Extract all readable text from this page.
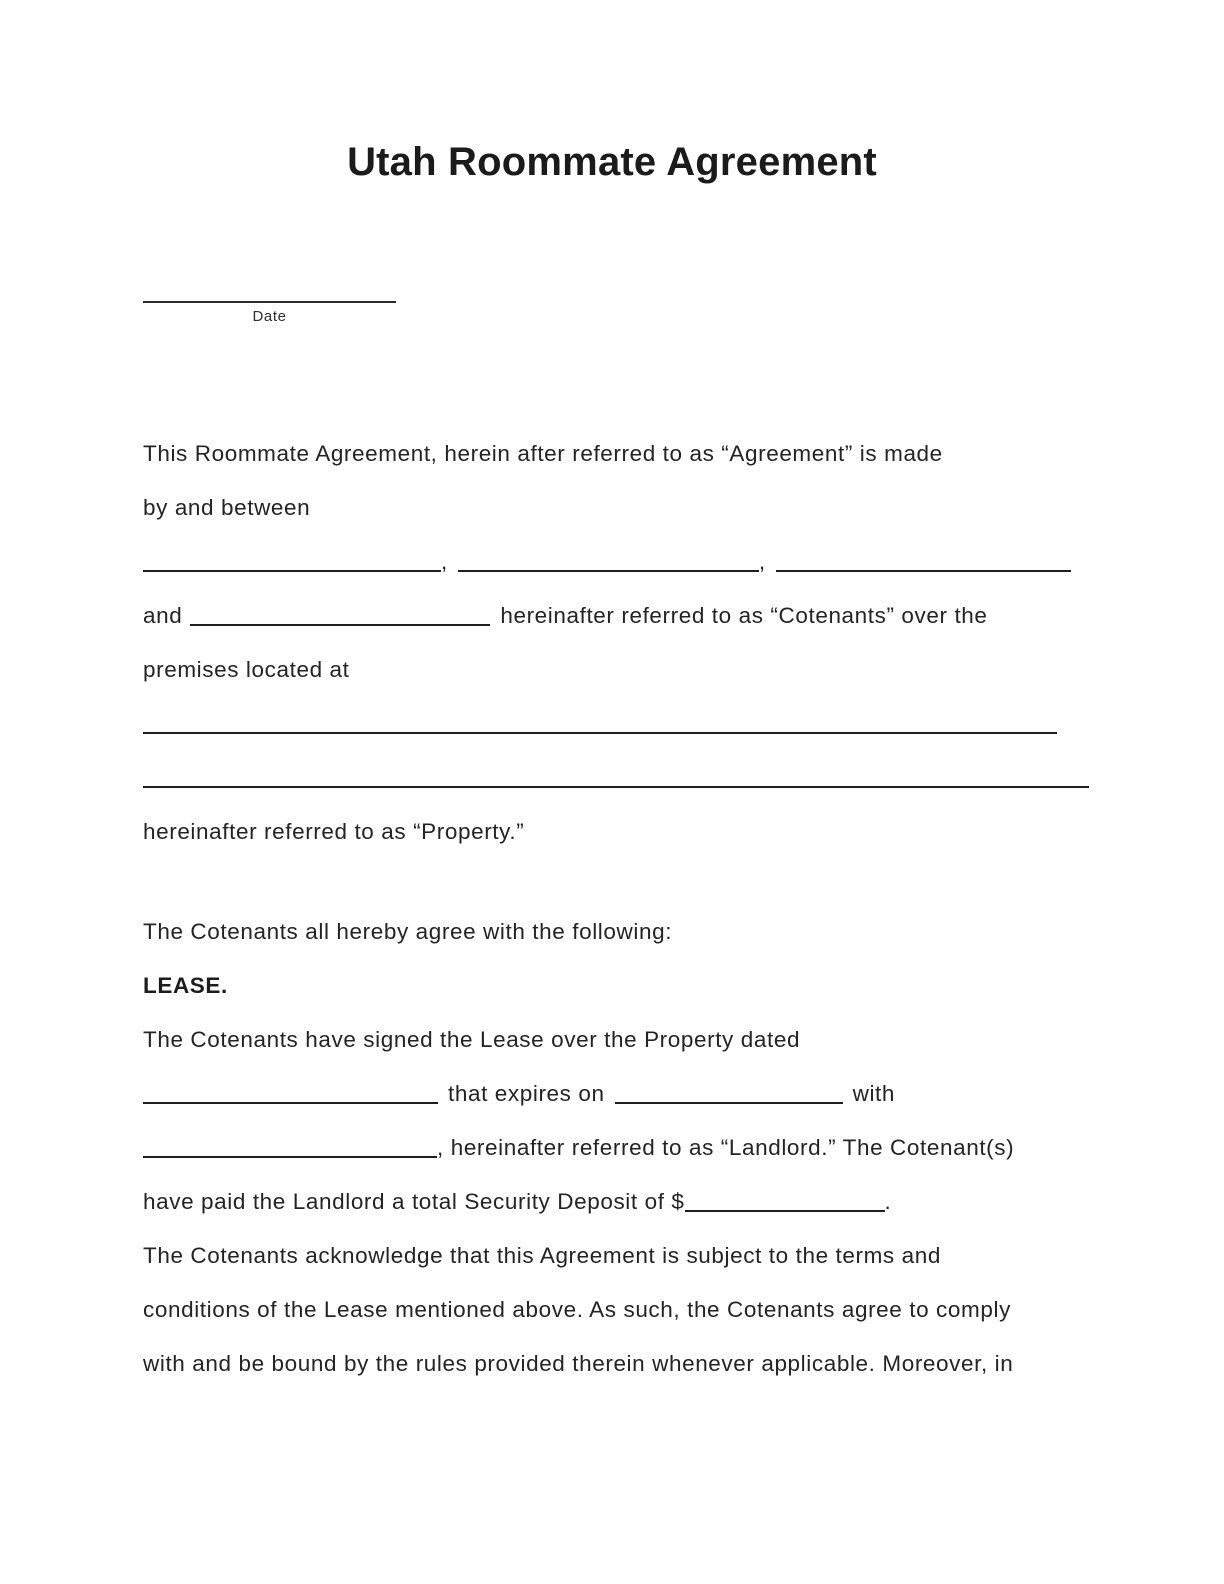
Utah Roommate Agreement
Date
This Roommate Agreement, herein after referred to as “Agreement” is made
by and between
,	,
and	hereinafter referred to as “Cotenants” over the
premises located at
hereinafter referred to as “Property.”
The Cotenants all hereby agree with the following:
LEASE.
The Cotenants have signed the Lease over the Property dated
that expires on	with
, hereinafter referred to as “Landlord.” The Cotenant(s)
have paid the Landlord a total Security Deposit of $	.
The Cotenants acknowledge that this Agreement is subject to the terms and
conditions of the Lease mentioned above. As such, the Cotenants agree to comply
with and be bound by the rules provided therein whenever applicable. Moreover, in
